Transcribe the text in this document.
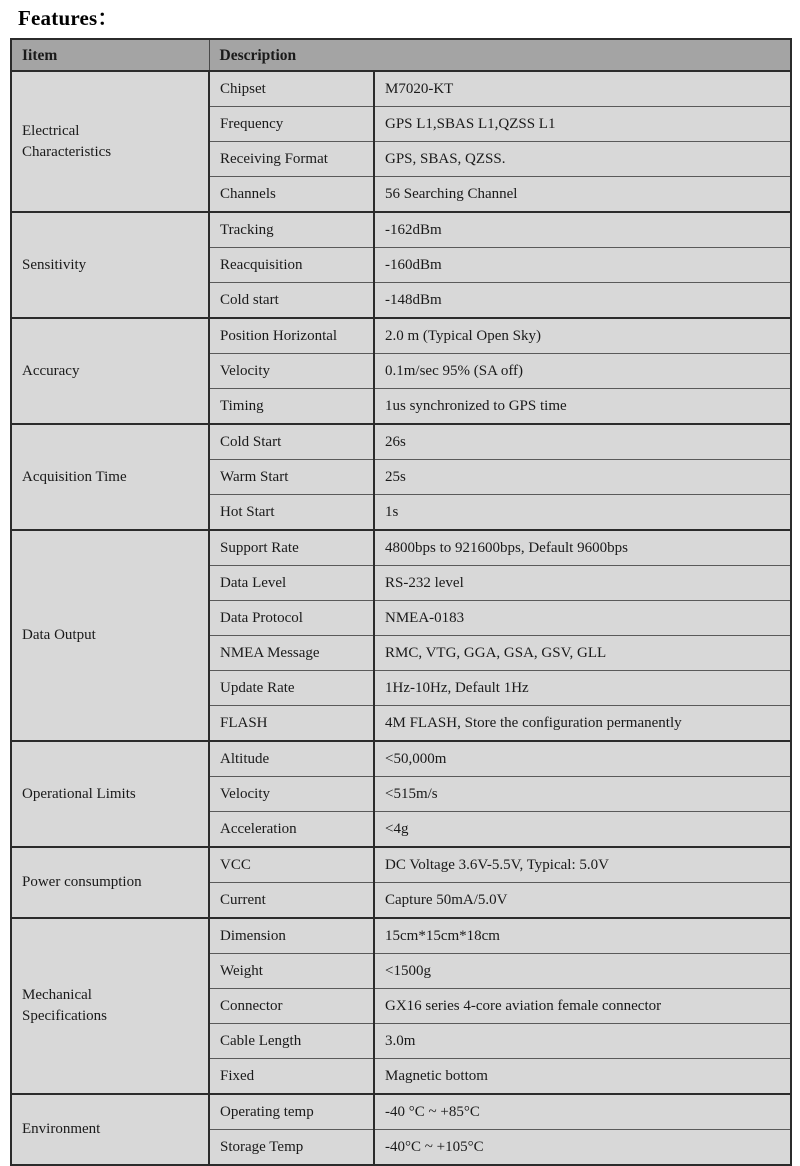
Features：
Iitem	Description	

Electrical
Characteristics	Chipset	M7020-KT
	Frequency	GPS L1,SBAS L1,QZSS L1
	Receiving Format	GPS, SBAS, QZSS.
	Channels	56 Searching Channel

Sensitivity	Tracking	-162dBm
	Reacquisition	-160dBm
	Cold start	-148dBm

Accuracy	Position Horizontal	2.0 m (Typical Open Sky)
	Velocity	0.1m/sec 95% (SA off)
	Timing	1us synchronized to GPS time

Acquisition Time	Cold Start	26s
	Warm Start	25s
	Hot Start	1s

Data Output	Support Rate	4800bps to 921600bps, Default 9600bps
	Data Level	RS-232 level
	Data Protocol	NMEA-0183
	NMEA Message	RMC, VTG, GGA, GSA, GSV, GLL
	Update Rate	1Hz-10Hz, Default 1Hz
	FLASH	4M FLASH, Store the configuration permanently

Operational Limits	Altitude	<50,000m
	Velocity	<515m/s
	Acceleration	<4g

Power consumption	VCC	DC Voltage 3.6V-5.5V, Typical: 5.0V
	Current	Capture 50mA/5.0V

Mechanical
Specifications	Dimension	15cm*15cm*18cm
	Weight	<1500g
	Connector	GX16 series 4-core aviation female connector
	Cable Length	3.0m
	Fixed	Magnetic bottom

Environment	Operating temp	-40 °C ~ +85°C
	Storage Temp	-40°C ~ +105°C
